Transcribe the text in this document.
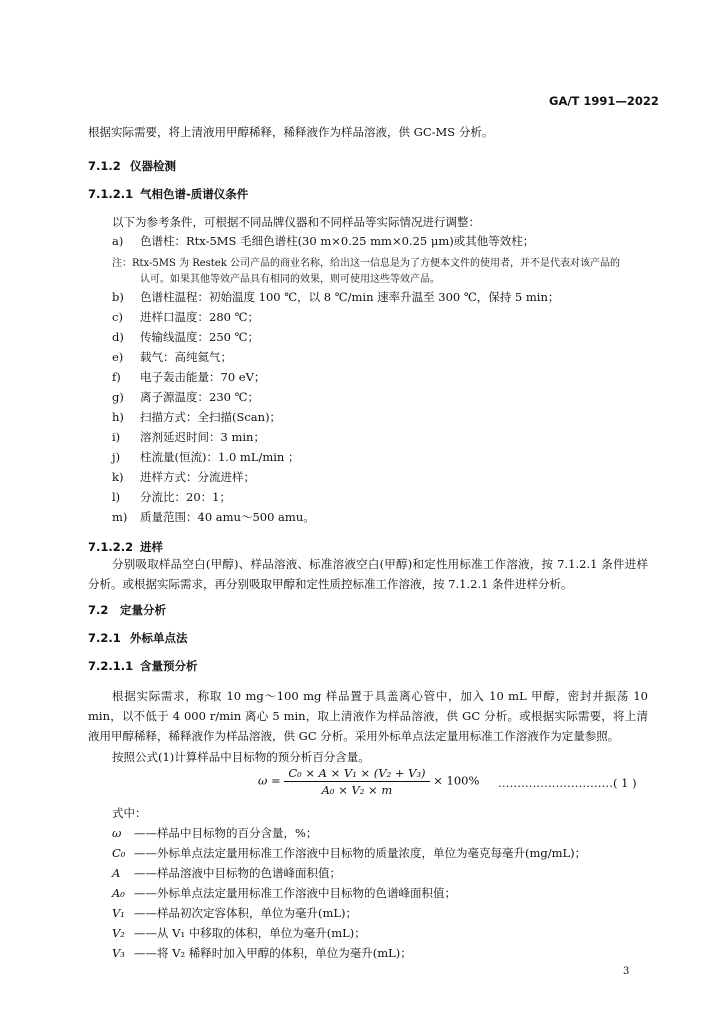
GA/T 1991—2022
根据实际需要，将上清液用甲醇稀释，稀释液作为样品溶液，供 GC-MS 分析。
7.1.2 仪器检测
7.1.2.1 气相色谱-质谱仪条件
以下为参考条件，可根据不同品牌仪器和不同样品等实际情况进行调整：
a) 色谱柱：Rtx-5MS 毛细色谱柱(30 m×0.25 mm×0.25 μm)或其他等效柱；
注：Rtx-5MS 为 Restek 公司产品的商业名称，给出这一信息是为了方便本文件的使用者，并不是代表对该产品的
认可。如果其他等效产品具有相同的效果，则可使用这些等效产品。
b) 色谱柱温程：初始温度 100 ℃，以 8 ℃/min 速率升温至 300 ℃，保持 5 min；
c) 进样口温度：280 ℃；
d) 传输线温度：250 ℃；
e) 载气：高纯氦气；
f) 电子轰击能量：70 eV；
g) 离子源温度：230 ℃；
h) 扫描方式：全扫描(Scan)；
i) 溶剂延迟时间：3 min；
j) 柱流量(恒流)：1.0 mL/min ；
k) 进样方式：分流进样；
l) 分流比：20：1；
m) 质量范围：40 amu～500 amu。
7.1.2.2 进样
分别吸取样品空白(甲醇)、样品溶液、标准溶液空白(甲醇)和定性用标准工作溶液，按 7.1.2.1 条件进样分析。或根据实际需求，再分别吸取甲醇和定性质控标准工作溶液，按 7.1.2.1 条件进样分析。
7.2 定量分析
7.2.1 外标单点法
7.2.1.1 含量预分析
根据实际需求，称取 10 mg～100 mg 样品置于具盖离心管中，加入 10 mL 甲醇，密封并振荡 10 min，以不低于 4 000 r/min 离心 5 min，取上清液作为样品溶液，供 GC 分析。或根据实际需要，将上清液用甲醇稀释，稀释液作为样品溶液，供 GC 分析。采用外标单点法定量用标准工作溶液作为定量参照。
按照公式(1)计算样品中目标物的预分析百分含量。
$\omega = \frac{\text{C₀ × A × V₁ × (V₂ + V₃)}}{\text{A₀ × V₂ × m}} \times 100\%$ …………………………( 1 )
式中：
ω ——样品中目标物的百分含量，%；
C₀ ——外标单点法定量用标准工作溶液中目标物的质量浓度，单位为毫克每毫升(mg/mL)；
A ——样品溶液中目标物的色谱峰面积值；
A₀ ——外标单点法定量用标准工作溶液中目标物的色谱峰面积值；
V₁ ——样品初次定容体积，单位为毫升(mL)；
V₂ ——从 V₁ 中移取的体积，单位为毫升(mL)；
V₃ ——将 V₂ 稀释时加入甲醇的体积，单位为毫升(mL)；
3
